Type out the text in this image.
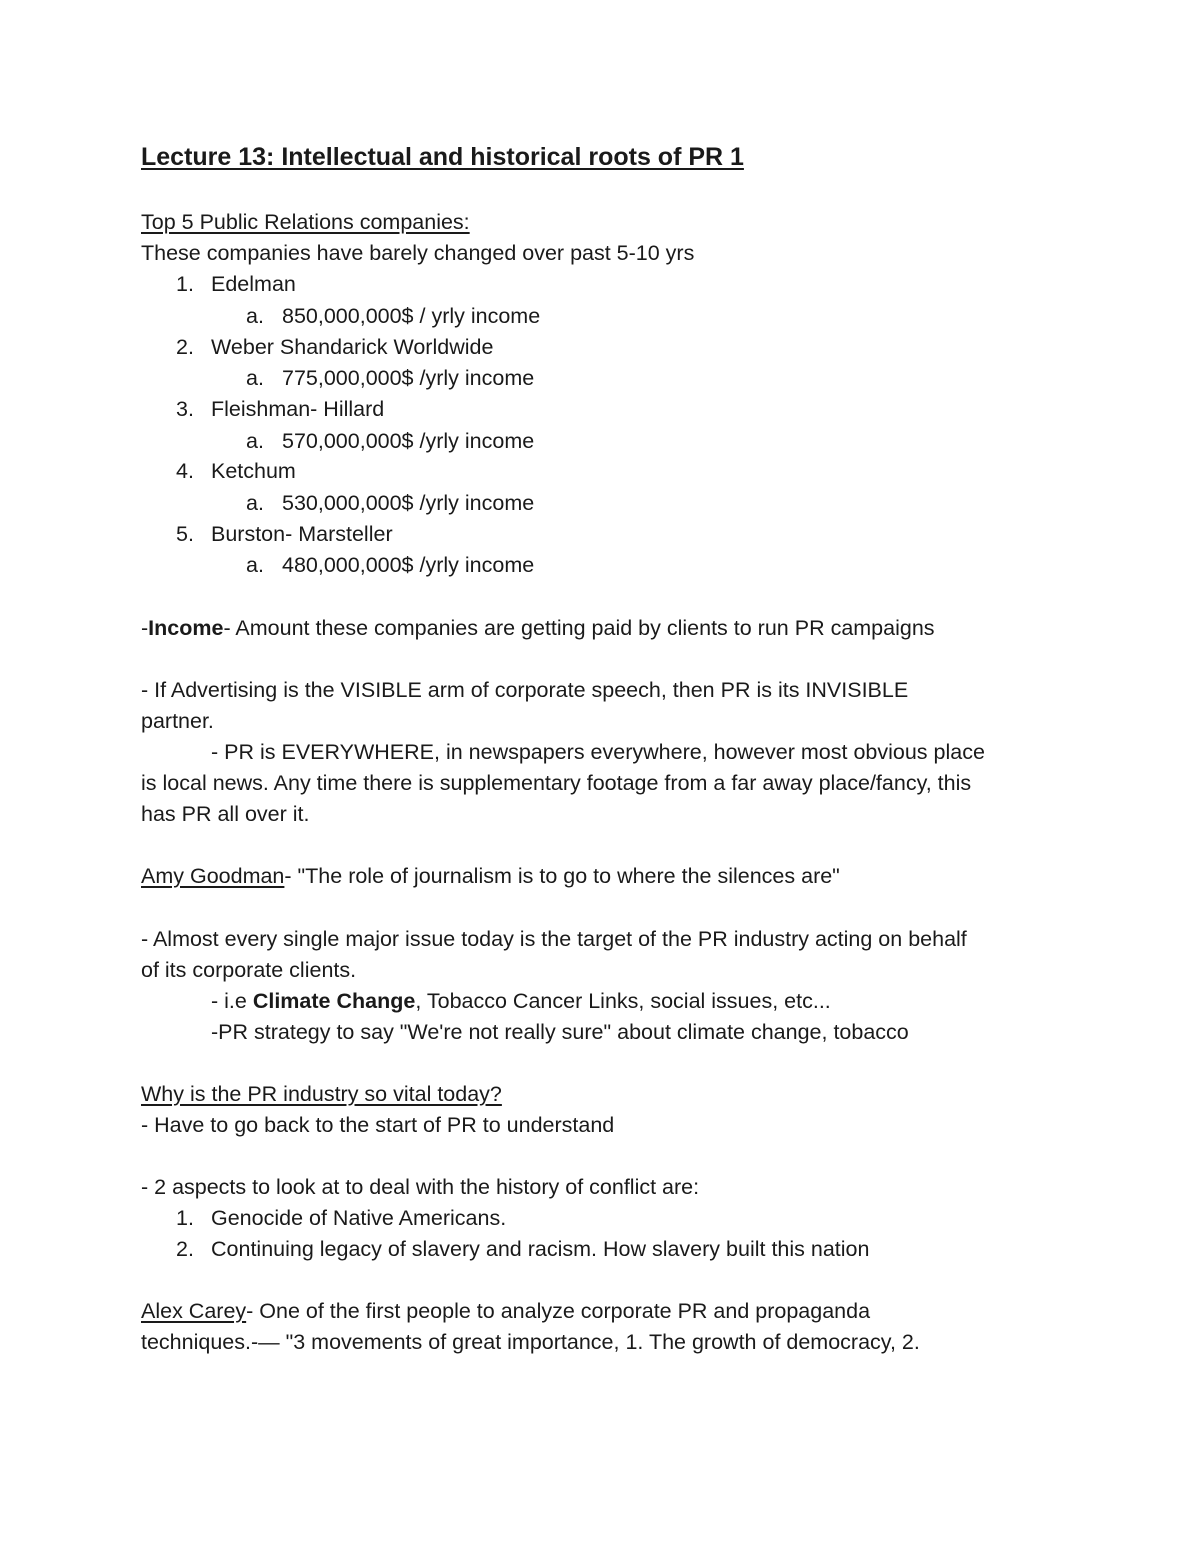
Lecture 13: Intellectual and historical roots of PR 1
Top 5 Public Relations companies:
These companies have barely changed over past 5-10 yrs
1. Edelman
a. 850,000,000$ / yrly income
2. Weber Shandarick Worldwide
a. 775,000,000$ /yrly income
3. Fleishman- Hillard
a. 570,000,000$ /yrly income
4. Ketchum
a. 530,000,000$ /yrly income
5. Burston- Marsteller
a. 480,000,000$ /yrly income
-Income- Amount these companies are getting paid by clients to run PR campaigns
- If Advertising is the VISIBLE arm of corporate speech, then PR is its INVISIBLE
partner.
- PR is EVERYWHERE, in newspapers everywhere, however most obvious place
is local news. Any time there is supplementary footage from a far away place/fancy, this
has PR all over it.
Amy Goodman- "The role of journalism is to go to where the silences are"
- Almost every single major issue today is the target of the PR industry acting on behalf
of its corporate clients.
- i.e Climate Change, Tobacco Cancer Links, social issues, etc...
-PR strategy to say "We're not really sure" about climate change, tobacco
Why is the PR industry so vital today?
- Have to go back to the start of PR to understand
- 2 aspects to look at to deal with the history of conflict are:
1. Genocide of Native Americans.
2. Continuing legacy of slavery and racism. How slavery built this nation
Alex Carey- One of the first people to analyze corporate PR and propaganda
techniques.-— "3 movements of great importance, 1. The growth of democracy, 2.
